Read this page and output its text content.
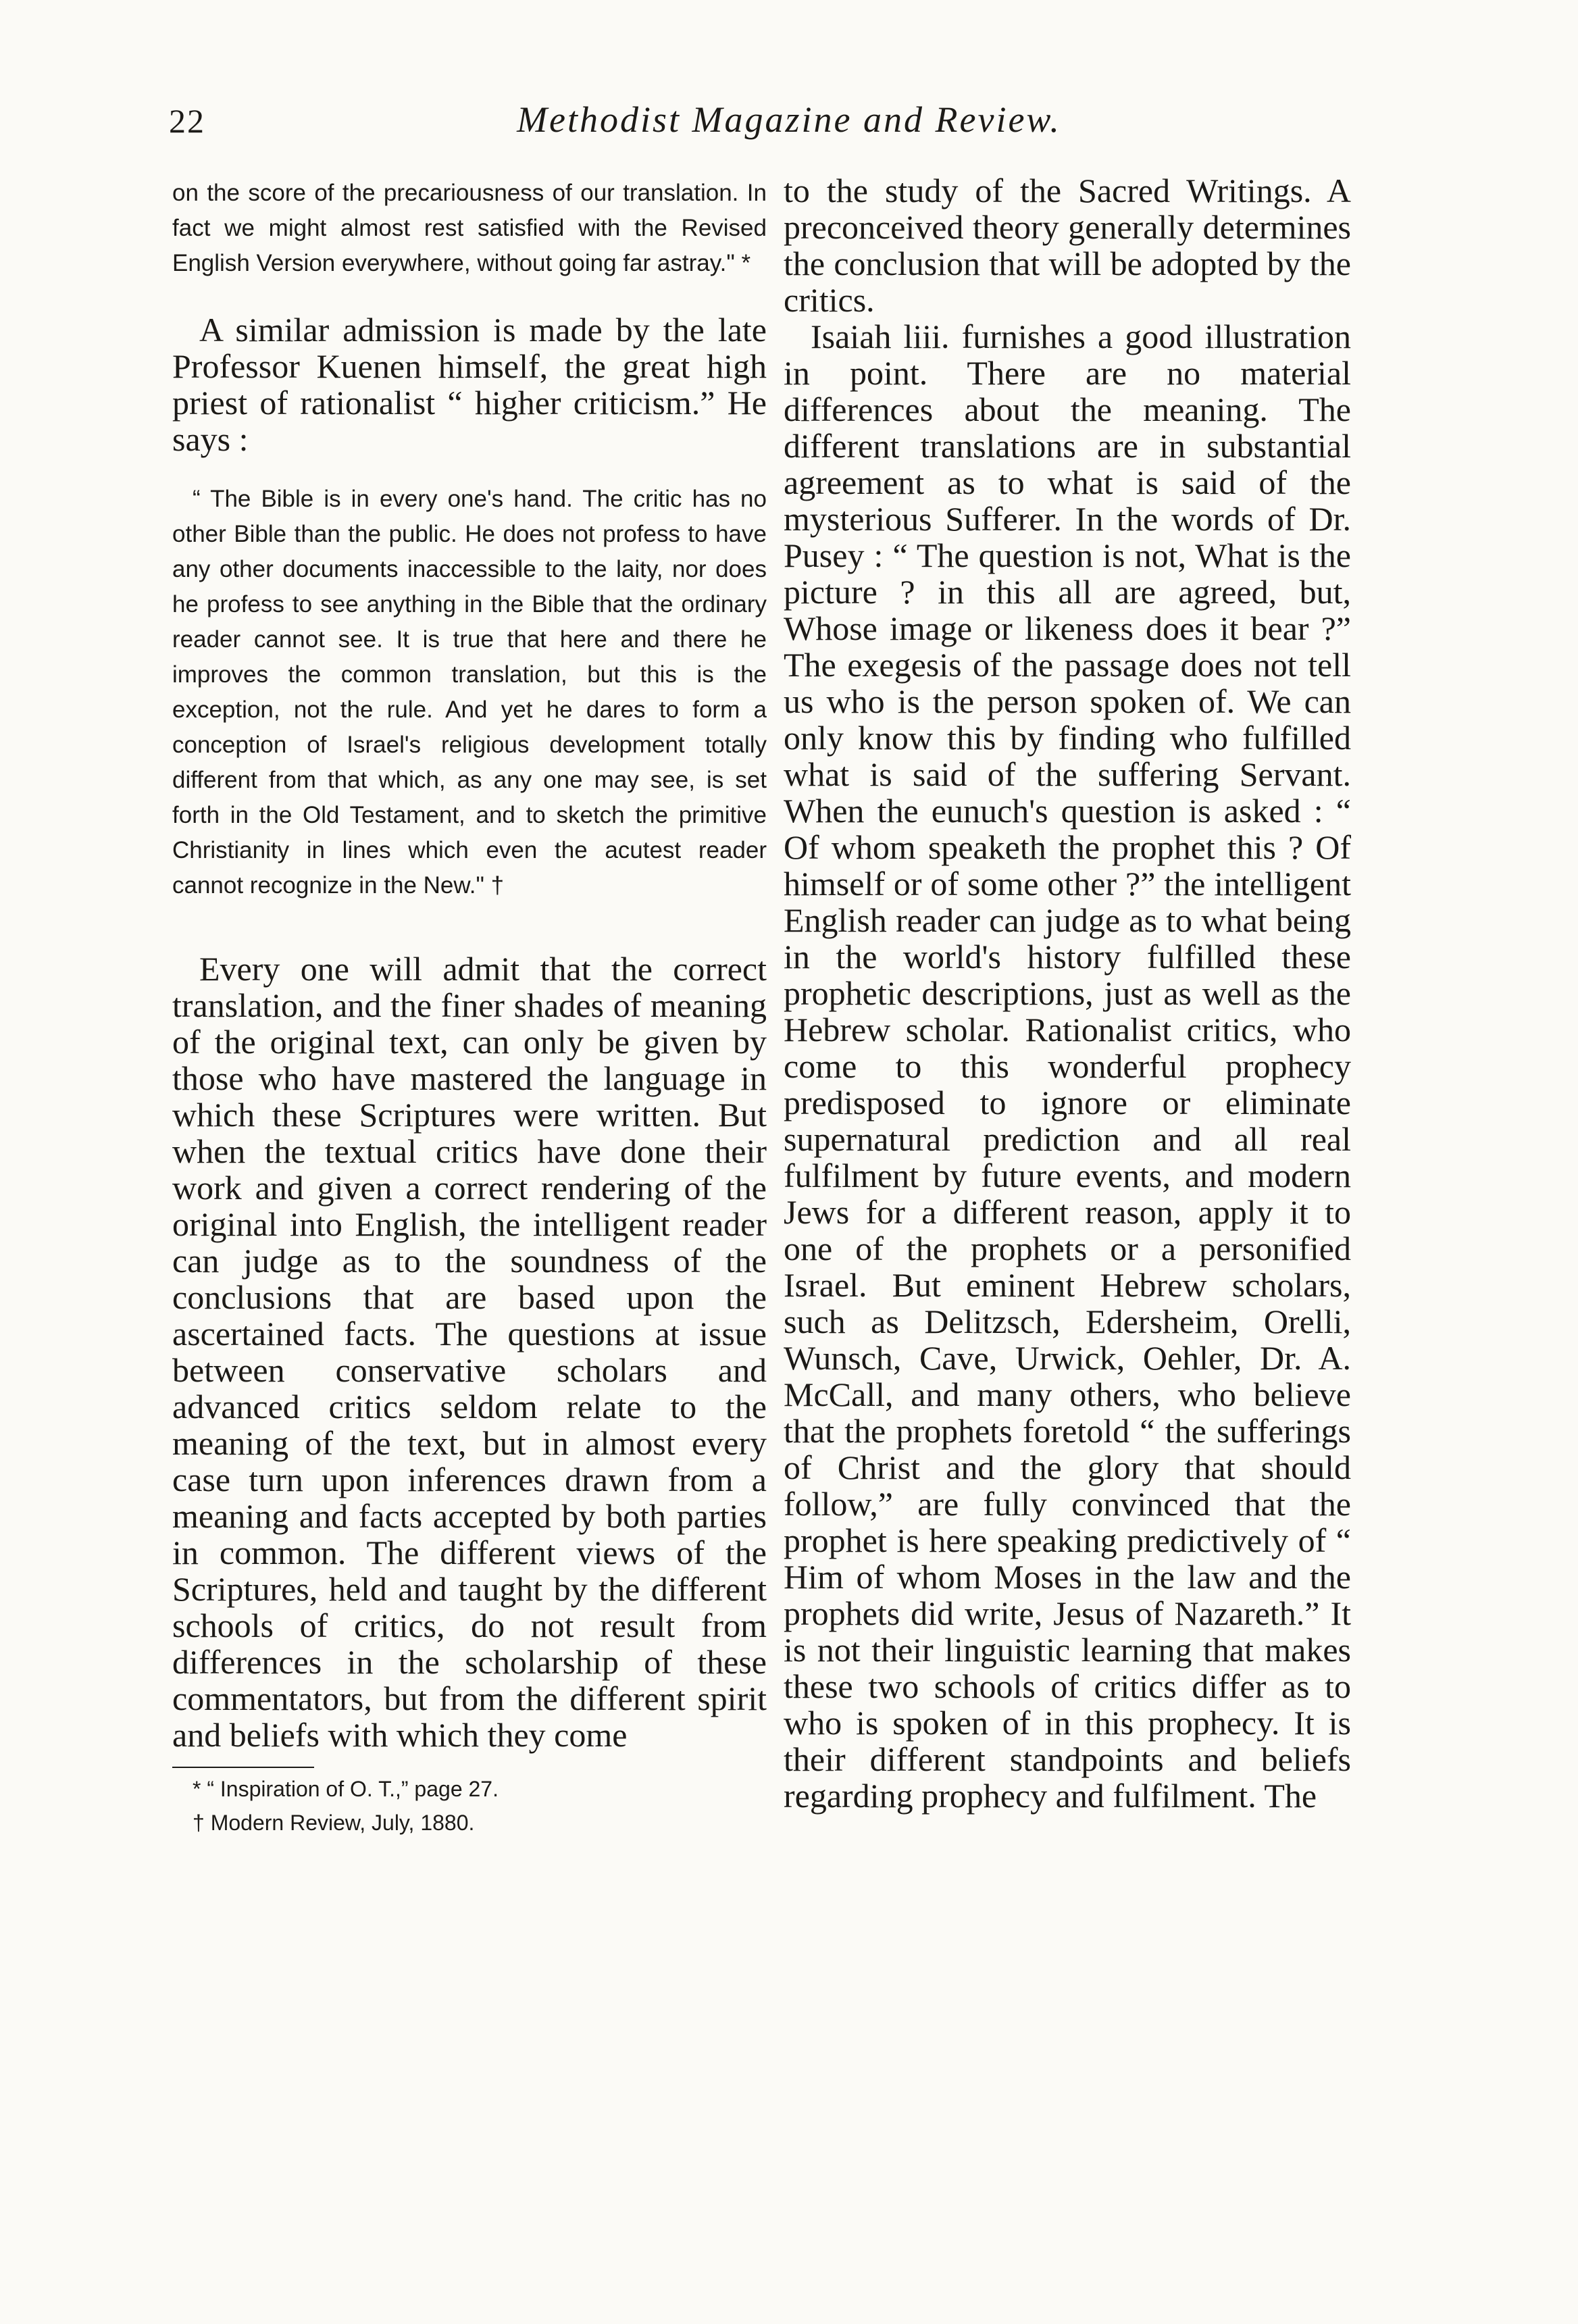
22	Methodist Magazine and Review.

on the score of the precariousness of our translation. In fact we might almost rest satisfied with the Revised English Version everywhere, without going far astray." *

A similar admission is made by the late Professor Kuenen himself, the great high priest of rationalist “ higher criticism.” He says :

“ The Bible is in every one's hand. The critic has no other Bible than the public. He does not profess to have any other documents inaccessible to the laity, nor does he profess to see anything in the Bible that the ordinary reader cannot see. It is true that here and there he improves the common translation, but this is the exception, not the rule. And yet he dares to form a conception of Israel's religious development totally different from that which, as any one may see, is set forth in the Old Testament, and to sketch the primitive Christianity in lines which even the acutest reader cannot recognize in the New." †

Every one will admit that the correct translation, and the finer shades of meaning of the original text, can only be given by those who have mastered the language in which these Scriptures were written. But when the textual critics have done their work and given a correct rendering of the original into English, the intelligent reader can judge as to the soundness of the conclusions that are based upon the ascertained facts. The questions at issue between conservative scholars and advanced critics seldom relate to the meaning of the text, but in almost every case turn upon inferences drawn from a meaning and facts accepted by both parties in common. The different views of the Scriptures, held and taught by the different schools of critics, do not result from differences in the scholarship of these commentators, but from the different spirit and beliefs with which they come

* “ Inspiration of O. T.,” page 27.

† Modern Review, July, 1880.

to the study of the Sacred Writings. A preconceived theory generally determines the conclusion that will be adopted by the critics.

Isaiah liii. furnishes a good illustration in point. There are no material differences about the meaning. The different translations are in substantial agreement as to what is said of the mysterious Sufferer. In the words of Dr. Pusey : “ The question is not, What is the picture ? in this all are agreed, but, Whose image or likeness does it bear ?” The exegesis of the passage does not tell us who is the person spoken of. We can only know this by finding who fulfilled what is said of the suffering Servant. When the eunuch's question is asked : “ Of whom speaketh the prophet this ? Of himself or of some other ?” the intelligent English reader can judge as to what being in the world's history fulfilled these prophetic descriptions, just as well as the Hebrew scholar. Rationalist critics, who come to this wonderful prophecy predisposed to ignore or eliminate supernatural prediction and all real fulfilment by future events, and modern Jews for a different reason, apply it to one of the prophets or a personified Israel. But eminent Hebrew scholars, such as Delitzsch, Edersheim, Orelli, Wunsch, Cave, Urwick, Oehler, Dr. A. McCall, and many others, who believe that the prophets foretold “ the sufferings of Christ and the glory that should follow,” are fully convinced that the prophet is here speaking predictively of “ Him of whom Moses in the law and the prophets did write, Jesus of Nazareth.” It is not their linguistic learning that makes these two schools of critics differ as to who is spoken of in this prophecy. It is their different standpoints and beliefs regarding prophecy and fulfilment. The
